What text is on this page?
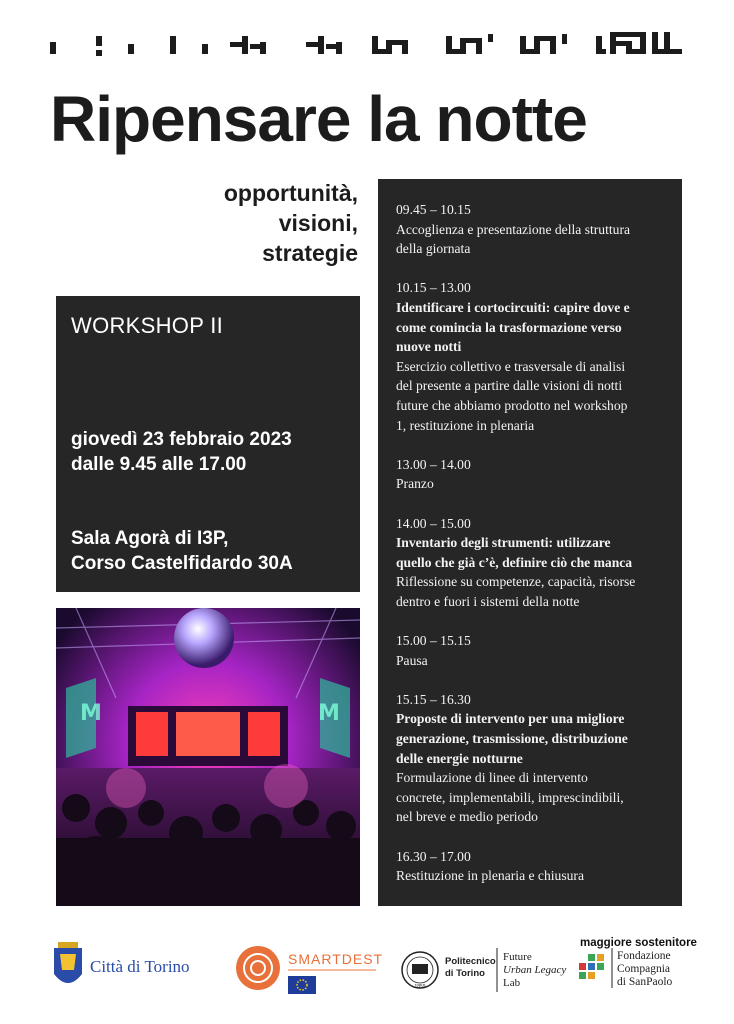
Ripensare la notte
opportunità,
visioni,
strategie
WORKSHOP II
giovedì 23 febbraio 2023
dalle 9.45 alle 17.00
Sala Agorà di I3P,
Corso Castelfidardo 30A
M	M
09.45 – 10.15
Accoglienza e presentazione della struttura
della giornata
10.15 – 13.00
Identificare i cortocircuiti: capire dove e
come comincia la trasformazione verso
nuove notti
Esercizio collettivo e trasversale di analisi
del presente a partire dalle visioni di notti
future che abbiamo prodotto nel workshop
1, restituzione in plenaria
13.00 – 14.00
Pranzo
14.00 – 15.00
Inventario degli strumenti: utilizzare
quello che già c’è, definire ciò che manca
Riflessione su competenze, capacità, risorse
dentro e fuori i sistemi della notte
15.00 – 15.15
Pausa
15.15 – 16.30
Proposte di intervento per una migliore
generazione, trasmissione, distribuzione
delle energie notturne
Formulazione di linee di intervento
concrete, implementabili, imprescindibili,
nel breve e medio periodo
16.30 – 17.00
Restituzione in plenaria e chiusura
Città di Torino	SMARTDEST
1859
Politecnico
di Torino
Future
Urban Legacy
Lab
Fondazione
Compagnia
di SanPaolo
maggiore sostenitore
